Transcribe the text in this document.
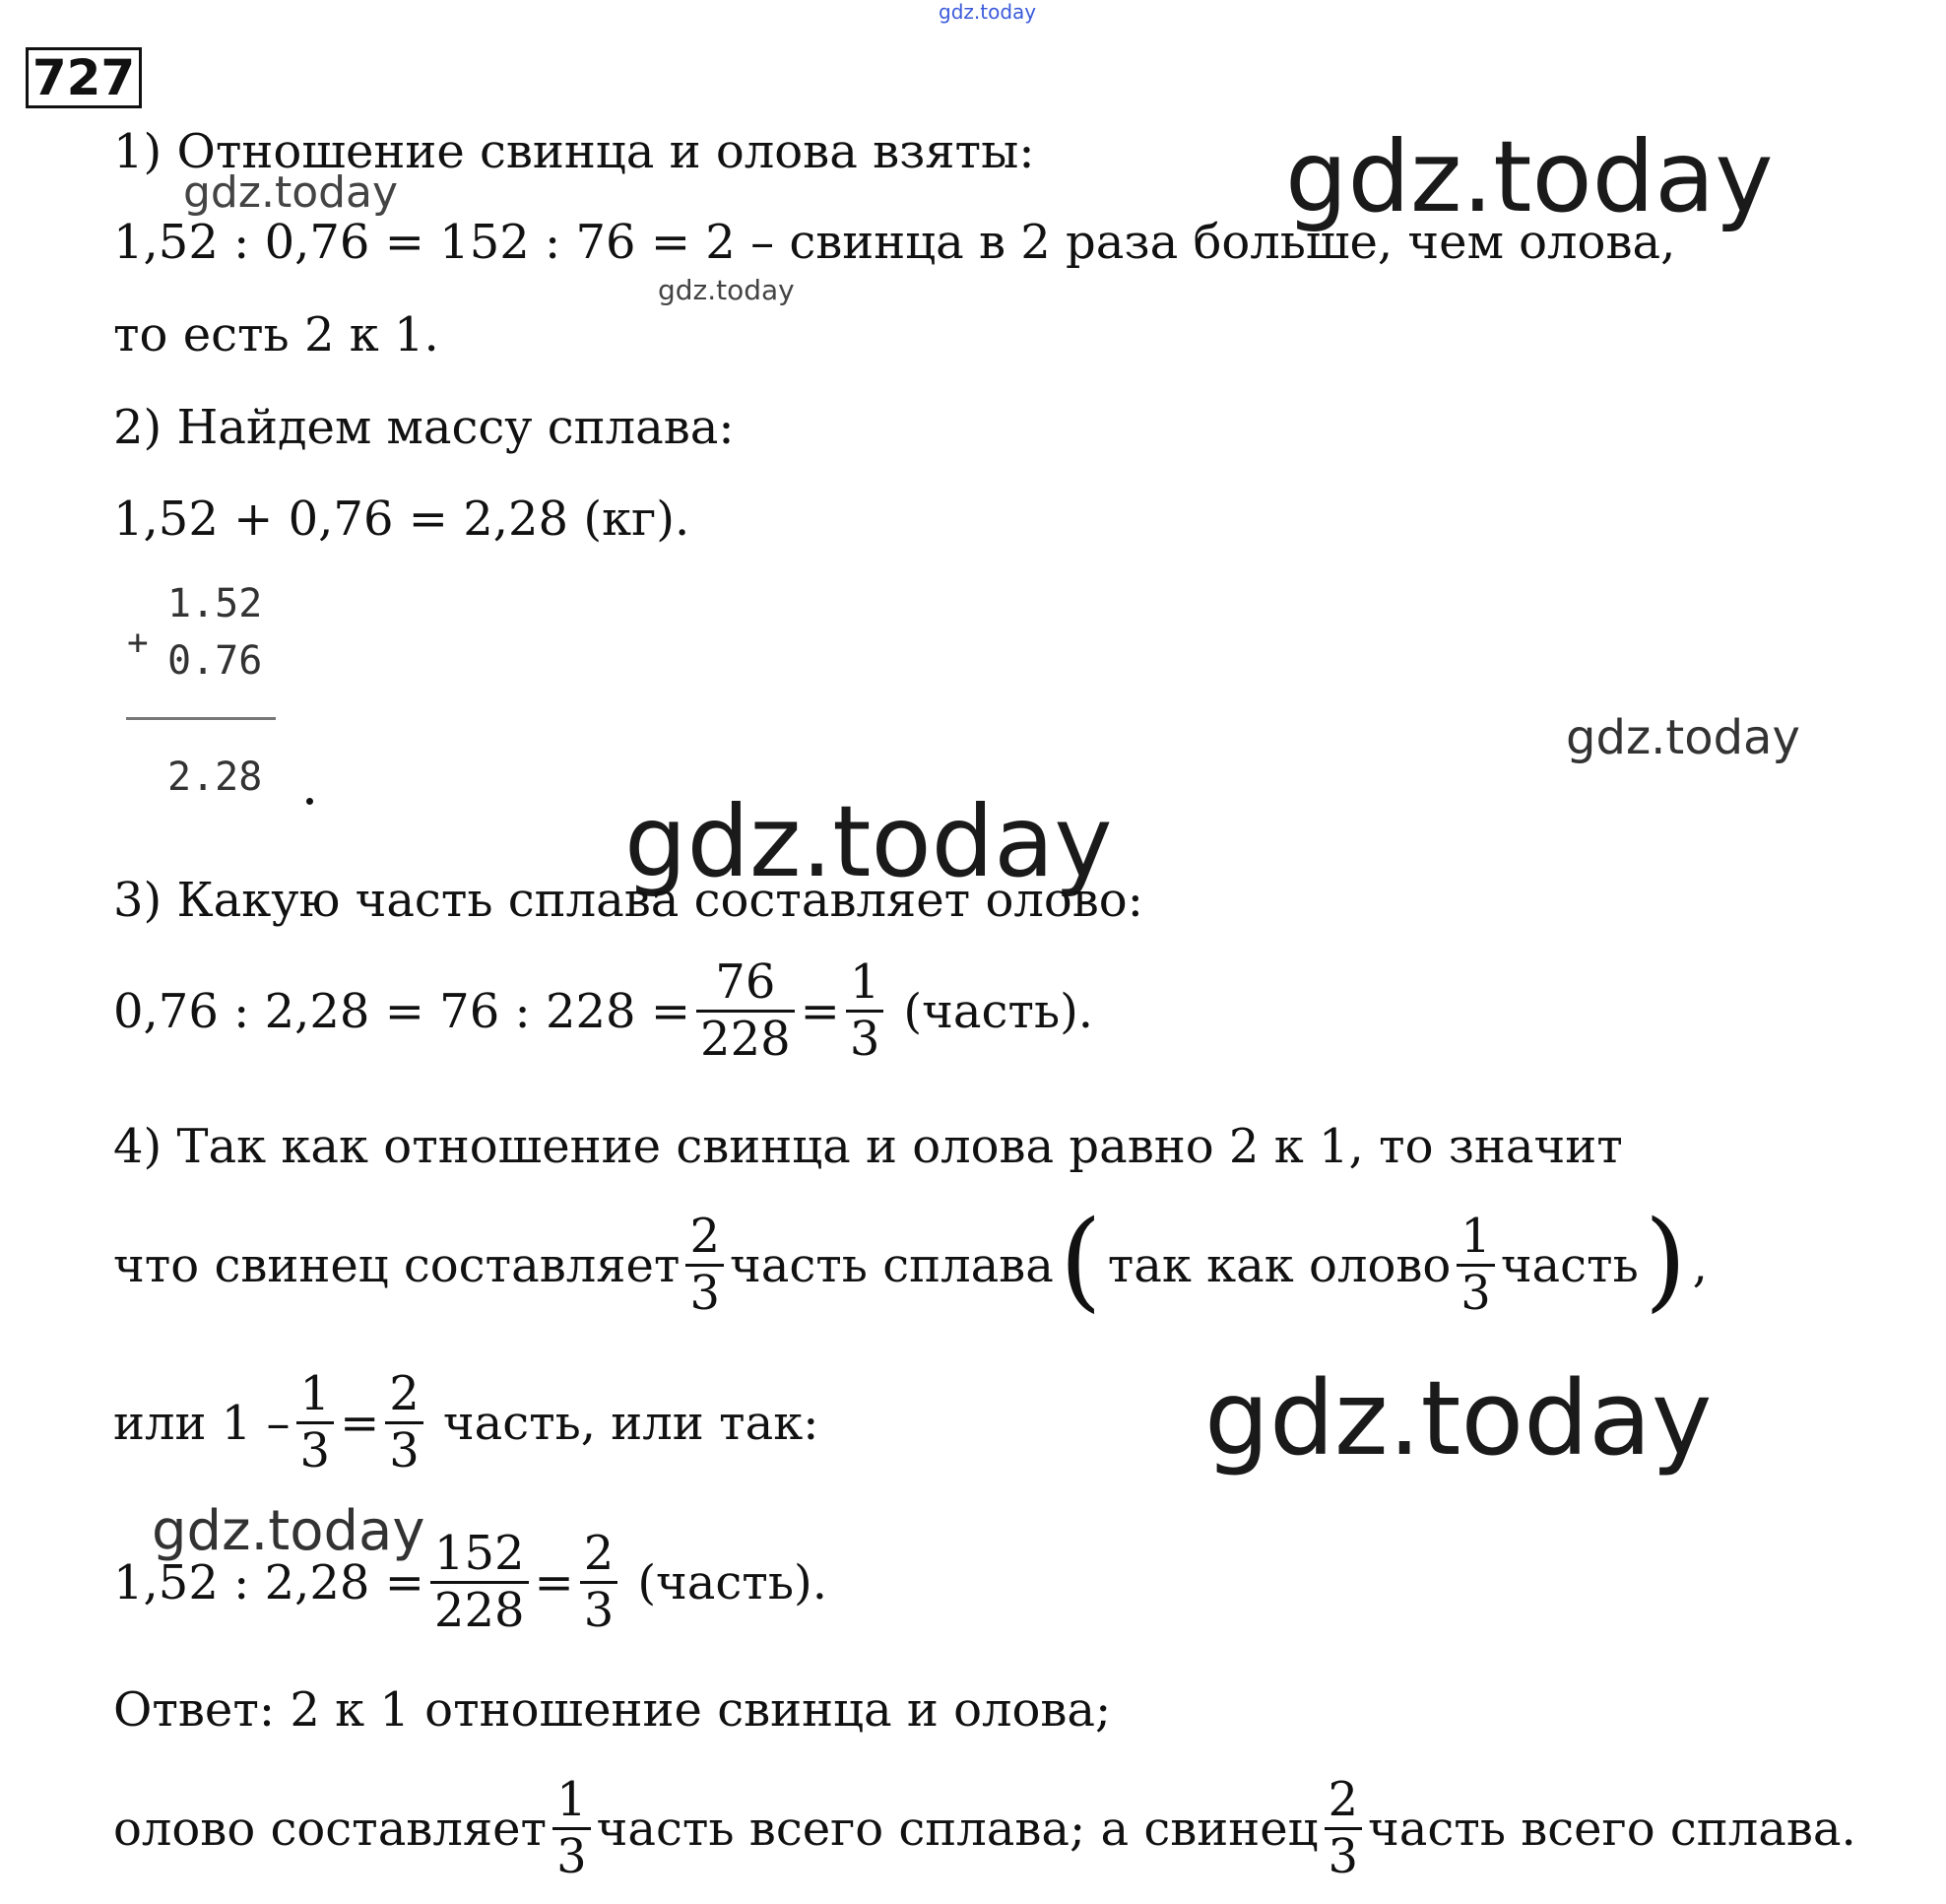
gdz.today
gdz.today	gdz.today
gdz.today
gdz.today
gdz.today
gdz.today
gdz.today
727
1) Отношение свинца и олова взяты:
1,52 : 0,76 = 152 : 76 = 2 – свинца в 2 раза больше, чем олова,
то есть 2 к 1.
2) Найдем массу сплава:
1,52 + 0,76 = 2,28 (кг).
+
1.52
0.76
2.28
3) Какую часть сплава составляет олово:
0,76 : 2,28 = 76 : $228 = \frac{76}{228} = \frac{1}{3}$ (часть).
4) Так как отношение свинца и олова равно 2 к 1, то значит
что свинец составляет $\frac{2}{3}$ часть сплава ( так как олово $\frac{1}{3}$ часть ) ,
или $1 - \frac{1}{3} = \frac{2}{3}$ часть, или так:
1,52 : $2,28 = \frac{152}{228} = \frac{2}{3}$ (часть).
Ответ: 2 к 1 отношение свинца и олова;
олово составляет $\frac{1}{3}$ часть всего сплава; а свинец $\frac{2}{3}$ часть всего сплава.
